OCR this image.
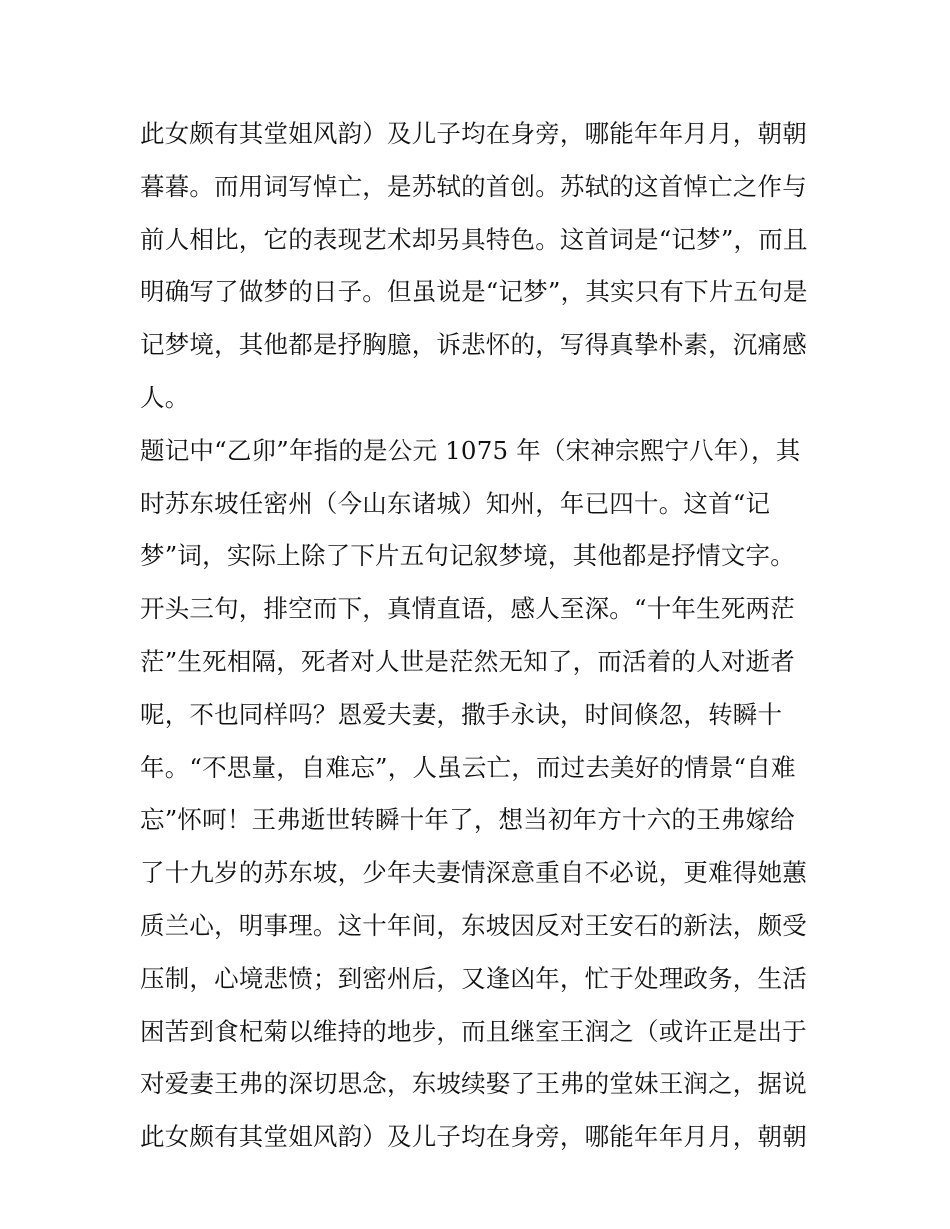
此女颇有其堂姐风韵）及儿子均在身旁，哪能年年月月，朝朝
暮暮。而用词写悼亡，是苏轼的首创。苏轼的这首悼亡之作与
前人相比，它的表现艺术却另具特色。这首词是“记梦”，而且
明确写了做梦的日子。但虽说是“记梦”，其实只有下片五句是
记梦境，其他都是抒胸臆，诉悲怀的，写得真挚朴素，沉痛感
人。
题记中“乙卯”年指的是公元 1075 年（宋神宗熙宁八年），其
时苏东坡任密州（今山东诸城）知州，年已四十。这首“记
梦”词，实际上除了下片五句记叙梦境，其他都是抒情文字。
开头三句，排空而下，真情直语，感人至深。“十年生死两茫
茫”生死相隔，死者对人世是茫然无知了，而活着的人对逝者
呢，不也同样吗？恩爱夫妻，撒手永诀，时间倏忽，转瞬十
年。“不思量，自难忘”，人虽云亡，而过去美好的情景“自难
忘”怀呵！王弗逝世转瞬十年了，想当初年方十六的王弗嫁给
了十九岁的苏东坡，少年夫妻情深意重自不必说，更难得她蕙
质兰心，明事理。这十年间，东坡因反对王安石的新法，颇受
压制，心境悲愤；到密州后，又逢凶年，忙于处理政务，生活
困苦到食杞菊以维持的地步，而且继室王润之（或许正是出于
对爱妻王弗的深切思念，东坡续娶了王弗的堂妹王润之，据说
此女颇有其堂姐风韵）及儿子均在身旁，哪能年年月月，朝朝
